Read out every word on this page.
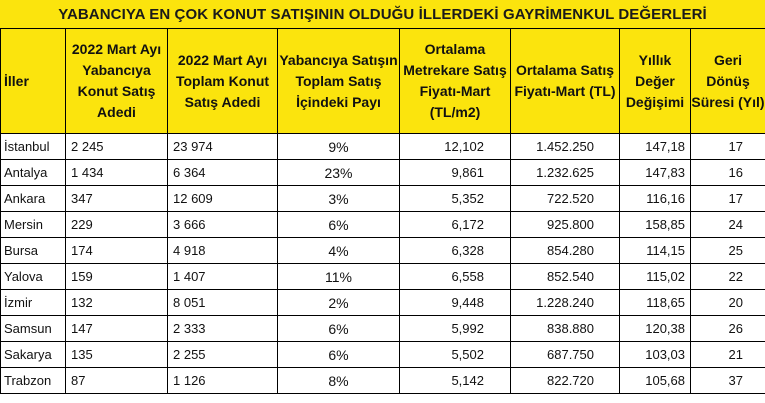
YABANCIYA EN ÇOK KONUT SATIŞININ OLDUĞU İLLERDEKİ GAYRİMENKUL DEĞERLERİ
İller	2022 Mart Ayı Yabancıya Konut Satış Adedi	2022 Mart Ayı Toplam Konut Satış Adedi	Yabancıya Satışın Toplam Satış İçindeki Payı	Ortalama Metrekare Satış Fiyatı-Mart (TL/m2)	Ortalama Satış Fiyatı-Mart (TL)	Yıllık Değer Değişimi	Geri Dönüş Süresi (Yıl)
İstanbul	2 245	23 974	9%	12,102	1.452.250	147,18	17
Antalya	1 434	6 364	23%	9,861	1.232.625	147,83	16
Ankara	347	12 609	3%	5,352	722.520	116,16	17
Mersin	229	3 666	6%	6,172	925.800	158,85	24
Bursa	174	4 918	4%	6,328	854.280	114,15	25
Yalova	159	1 407	11%	6,558	852.540	115,02	22
İzmir	132	8 051	2%	9,448	1.228.240	118,65	20
Samsun	147	2 333	6%	5,992	838.880	120,38	26
Sakarya	135	2 255	6%	5,502	687.750	103,03	21
Trabzon	87	1 126	8%	5,142	822.720	105,68	37
